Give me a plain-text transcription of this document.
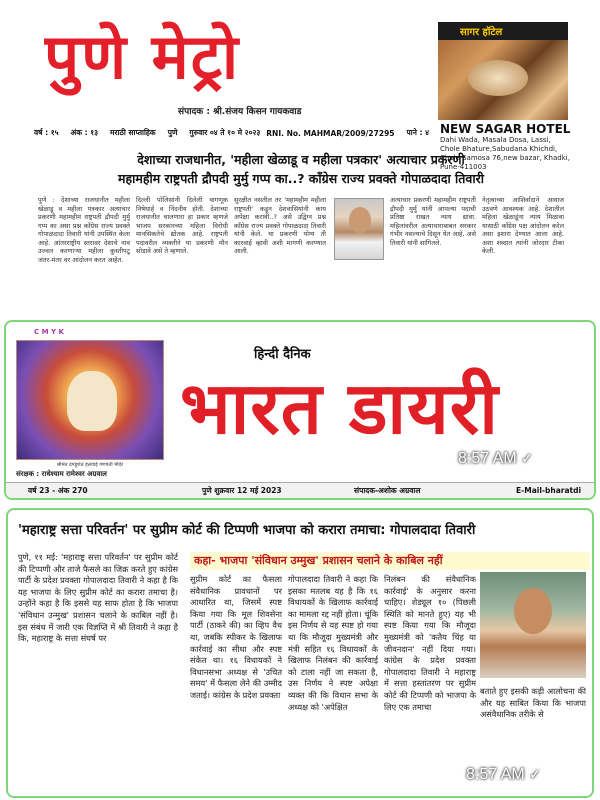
पुणे मेट्रो
संपादक : श्री.संजय किसन गायकवाड
सागर हॉटेल
NEW SAGAR HOTEL
Dahi Wada, Masala Dosa, Lassi, Chole Bhature,Sabudana Khichdi, Chole Samosa 76,new bazar, Khadki, Pune-411003
वर्ष : १५ अंक : १३ मराठी साप्ताहिक पुणे गुरुवार ०४ ते १० मे २०२३ RNI. No. MAHMAR/2009/27295 पाने : ४
देशाच्या राजधानीत, 'महीला खेळाडू व महीला पत्रकार' अत्याचार प्रकरणी
महामहीम राष्ट्रपती द्रौपदी मुर्मु गप्प का..? कॉंग्रेस राज्य प्रवक्ते गोपाळदादा तिवारी
पुणे : देशाच्या राजधानीत महीला खेळाडू व महीला पत्रकार अत्याचार प्रकरणी महामहीम राष्ट्रपती द्रौपदी मुर्मु गप्प का असा प्रश्न काँग्रेस राज्य प्रवक्ते गोपाळदादा तिवारी यांनी उपस्थित केला आहे. आंतरराष्ट्रीय स्तरावर देशाचे नाव उज्वल करणाऱ्या महीला कुस्तीपटू जंतर-मंतर वर आंदोलन करत आहेत.
दिल्ली पोलिसांनी दिलेली वागणूक निषेधार्ह व निंदनीय होती. देशाच्या राजधानीत चालणारा हा प्रकार म्हणजे भाजप सरकारच्या महिला विरोधी मानसिकतेचे द्योतक आहे. राष्ट्रपती पदावरील व्यक्तीने या प्रकरणी मौन सोडावे असे ते म्हणाले.
सुरक्षीत नसतील तर 'महामहीम महीला राष्ट्रपती' कडून देशवासियांनी काय अपेक्षा करावी..? असे उद्विग्न प्रश्न काँग्रेस राज्य प्रवक्ते गोपाळदादा तिवारी यांनी केले. या प्रकरणी योग्य ती कारवाई व्हावी अशी मागणी करण्यात आली.
अत्याचार प्रकरणी महामहीम राष्ट्रपती द्रौपदी मुर्मु यांनी आपल्या पदाची प्रतिष्ठा राखत न्याय द्यावा. महिलांवरील अत्याचाराबाबत सरकार गंभीर नसल्याचे दिसून येत आहे, असे तिवारी यांनी सांगितले.
नेतृत्वाच्या आशिर्वादाने आवाज उठवणे आवश्यक आहे. देशातील महिला खेळाडूंना न्याय मिळावा यासाठी काँग्रेस पक्ष आंदोलन करेल असा इशारा देण्यात आला आहे. अशा शब्दात त्यांनी जोरदार टीका केली.
C M Y K
श्रीमंत दगडूशेठ हलवाई गणपती मंदिर
संरक्षक : राधेश्याम रामेश्वर अग्रवाल
हिन्दी दैनिक
भारत डायरी
वर्ष 23 - अंक 270	पुणे शुक्रवार 12 मई 2023	संपादक-अशोक अग्रवाल	E-Mail-bharatdi
8:57 AM ✓
'महाराष्ट्र सत्ता परिवर्तन' पर सुप्रीम कोर्ट की टिप्पणी भाजपा को करारा तमाचा: गोपालदादा तिवारी
कहा- भाजपा 'संविधान उम्मुख' प्रशासन चलाने के काबिल नहीं
पुणे, ११ मई: 'महाराष्ट्र सत्ता परिवर्तन' पर सुप्रीम कोर्ट की टिप्पणी और ताजे फैसले का जिक्र करते हुए कांग्रेस पार्टी के प्रदेश प्रवक्ता गोपालदादा तिवारी ने कहा है कि यह भाजपा के लिए सुप्रीम कोर्ट का करारा तमाचा है। उन्होंने कहा है कि इससे यह साफ होता है कि भाजपा 'संविधान उन्मुख' प्रशासन चलाने के काबिल नहीं है। इस संबंध में जारी एक विज्ञप्ति में श्री तिवारी ने कहा है कि, महाराष्ट्र के सत्ता संघर्ष पर
सुप्रीम कोर्ट का फैसला संवैधानिक प्रावधानों पर आधारित था, जिसमें स्पष्ट किया गया कि मूल शिवसेना पार्टी (ठाकरे की) का व्हिप वैध था, जबकि स्पीकर के खिलाफ कार्रवाई का सीधा और स्पष्ट संकेत था। १६ विधायकों ने विधानसभा अध्यक्ष से 'उचित समय' में फैसला लेने की उम्मीद जताई। कांग्रेस के प्रदेश प्रवक्ता
गोपालदादा तिवारी ने कहा कि इसका मतलब यह है कि १६ विधायकों के खिलाफ कार्रवाई का मामला रद्द नहीं होता। चूंकि इस निर्णय से यह स्पष्ट हो गया था कि मौजूदा मुख्यमंत्री और मंत्री सहित १६ विधायकों के खिलाफ निलंबन की कार्रवाई को टाला नहीं जा सकता है, उस निर्णय ने स्पष्ट अपेक्षा व्यक्त की कि विधान सभा के अध्यक्ष को 'अपेक्षित
निलंबन की संवैधानिक कार्रवाई' के अनुसार करना चाहिए। शेड्यूल १० (पिछली स्थिति को मानते हुए) यह भी स्पष्ट किया गया कि मौजूदा मुख्यमंत्री को 'कतैय चिंह या जीवनदान' नहीं दिया गया। कांग्रेस के प्रदेश प्रवक्ता गोपालदादा तिवारी ने महाराष्ट्र में सत्ता हस्तांतरण पर सुप्रीम कोर्ट की टिप्पणी को भाजपा के लिए एक तमाचा
बताते हुए इसकी कड़ी आलोचना की और यह साबित किया कि भाजपा असंवैधानिक तरीके से
8:57 AM ✓
